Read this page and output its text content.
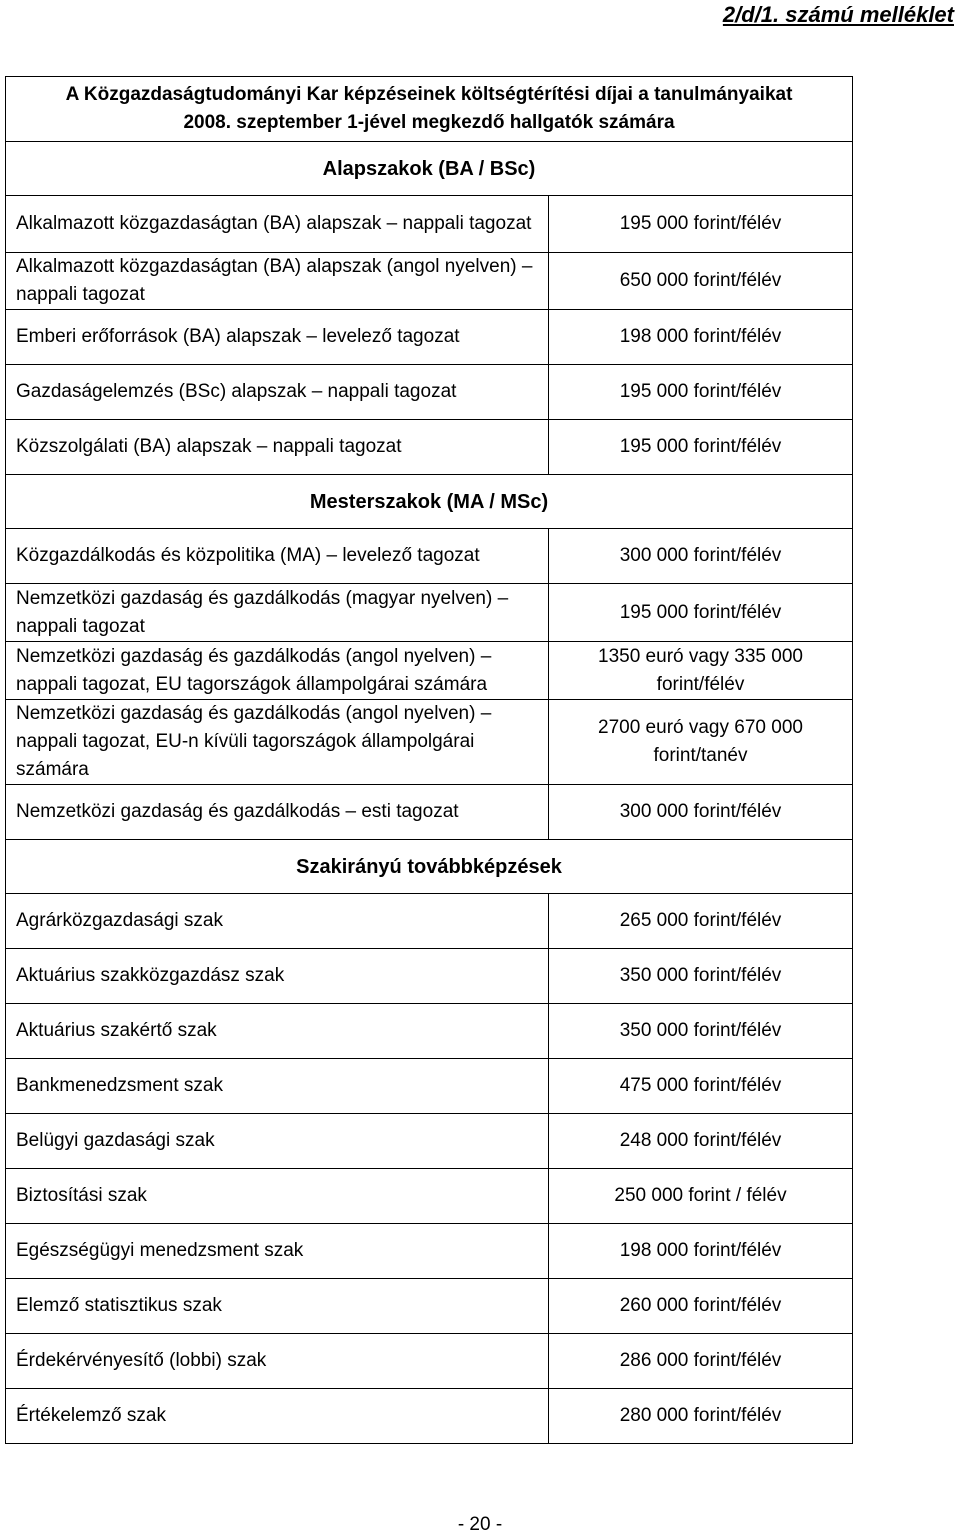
2/d/1. számú melléklet
A Közgazdaságtudományi Kar képzéseinek költségtérítési díjai a tanulmányaikat
2008. szeptember 1-jével megkezdő hallgatók számára	

Alapszakok (BA / BSc)	
Alkalmazott közgazdaságtan (BA) alapszak – nappali tagozat	195 000 forint/félév
Alkalmazott közgazdaságtan (BA) alapszak (angol nyelven) – nappali tagozat	650 000 forint/félév
Emberi erőforrások (BA) alapszak – levelező tagozat	198 000 forint/félév
Gazdaságelemzés (BSc) alapszak – nappali tagozat	195 000 forint/félév
Közszolgálati (BA) alapszak – nappali tagozat	195 000 forint/félév
Mesterszakok (MA / MSc)	
Közgazdálkodás és közpolitika (MA) – levelező tagozat	300 000 forint/félév
Nemzetközi gazdaság és gazdálkodás (magyar nyelven) – nappali tagozat	195 000 forint/félév
Nemzetközi gazdaság és gazdálkodás (angol nyelven) – nappali tagozat, EU tagországok állampolgárai számára	1350 euró vagy 335 000 forint/félév
Nemzetközi gazdaság és gazdálkodás (angol nyelven) – nappali tagozat, EU-n kívüli tagországok állampolgárai számára	2700 euró vagy 670 000 forint/tanév
Nemzetközi gazdaság és gazdálkodás – esti tagozat	300 000 forint/félév
Szakirányú továbbképzések	
Agrárközgazdasági szak	265 000 forint/félév
Aktuárius szakközgazdász szak	350 000 forint/félév
Aktuárius szakértő szak	350 000 forint/félév
Bankmenedzsment szak	475 000 forint/félév
Belügyi gazdasági szak	248 000 forint/félév
Biztosítási szak	250 000 forint / félév
Egészségügyi menedzsment szak	198 000 forint/félév
Elemző statisztikus szak	260 000 forint/félév
Érdekérvényesítő (lobbi) szak	286 000 forint/félév
Értékelemző szak	280 000 forint/félév
- 20 -
